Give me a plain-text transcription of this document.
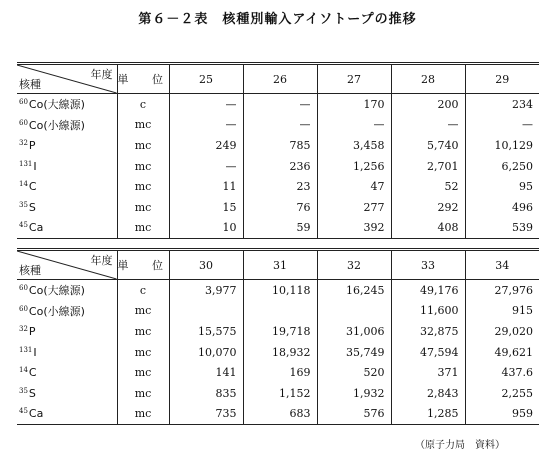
第６－２表　核種別輸入アイソトープの推移
年度
核種	単 位	25	26	27	28	29
$^{60}$Co(大線源)	c	—	—	170	200	234
$^{60}$Co(小線源)	mc	—	—	—	—	—
$^{32}$P	mc	249	785	3,458	5,740	10,129
$^{131}$I	mc	—	236	1,256	2,701	6,250
$^{14}$C	mc	11	23	47	52	95
$^{35}$S	mc	15	76	277	292	496
$^{45}$Ca	mc	10	59	392	408	539
年度
核種	単 位	30	31	32	33	34
$^{60}$Co(大線源)	c	3,977	10,118	16,245	49,176	27,976
$^{60}$Co(小線源)	mc				11,600	915
$^{32}$P	mc	15,575	19,718	31,006	32,875	29,020
$^{131}$I	mc	10,070	18,932	35,749	47,594	49,621
$^{14}$C	mc	141	169	520	371	437.6
$^{35}$S	mc	835	1,152	1,932	2,843	2,255
$^{45}$Ca	mc	735	683	576	1,285	959
（原子力局　資料）
